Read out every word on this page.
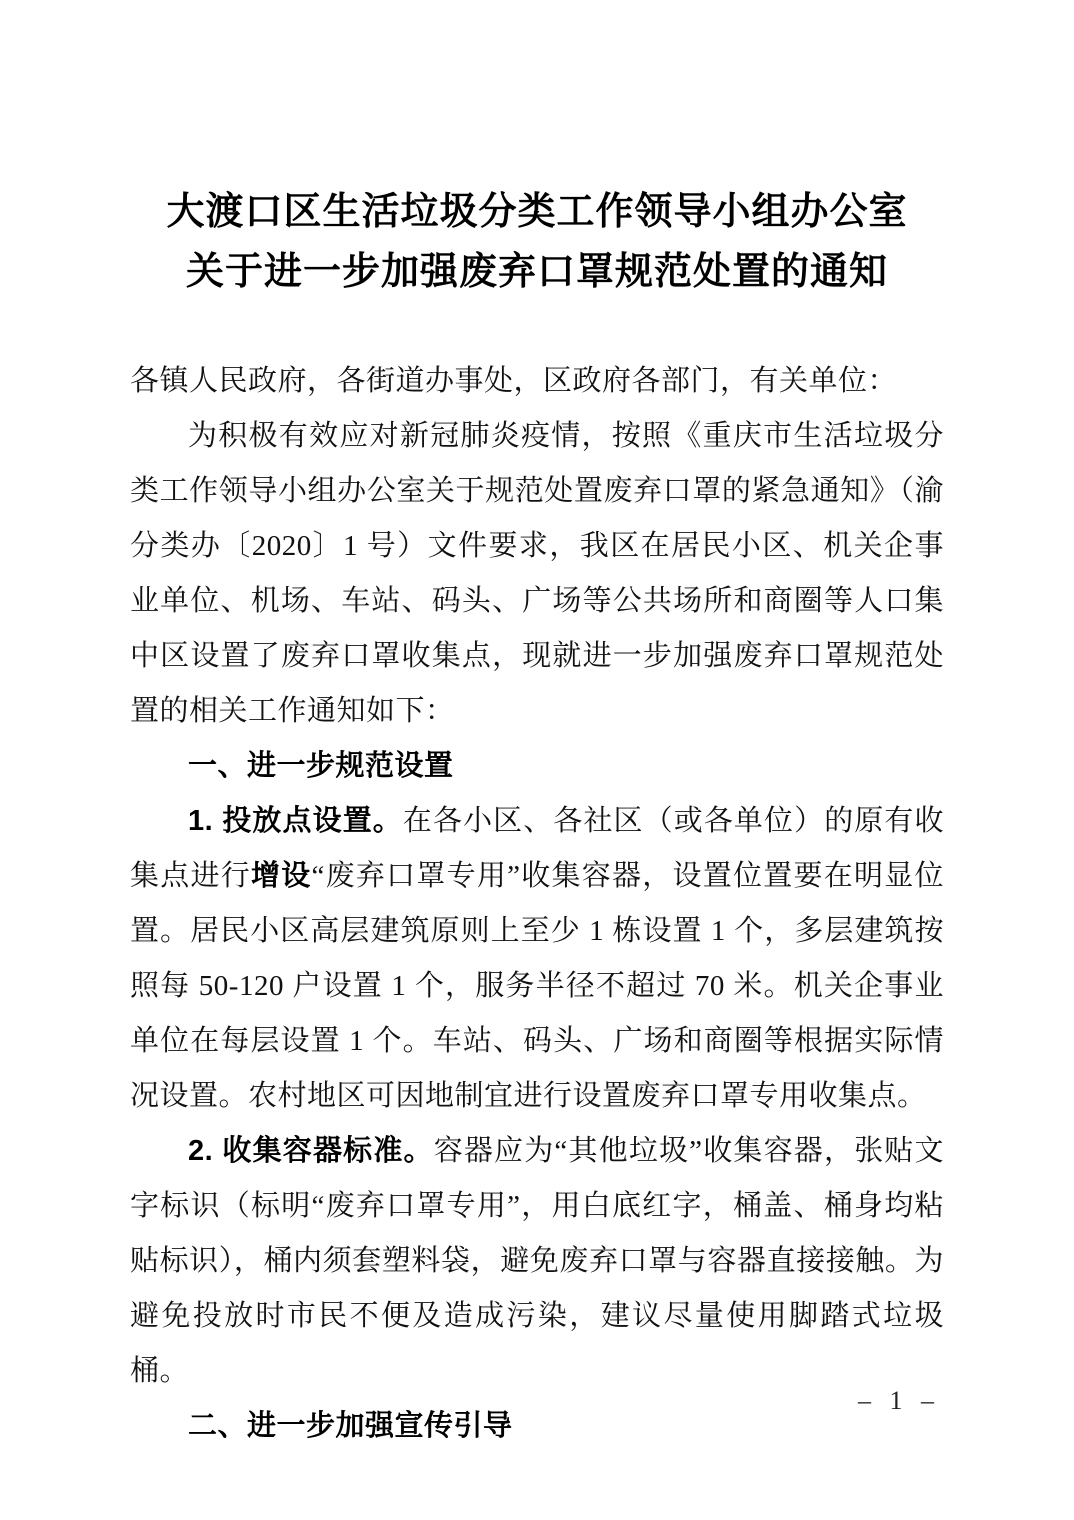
大渡口区生活垃圾分类工作领导小组办公室
关于进一步加强废弃口罩规范处置的通知

各镇人民政府，各街道办事处，区政府各部门，有关单位：

为积极有效应对新冠肺炎疫情，按照《重庆市生活垃圾分类工作领导小组办公室关于规范处置废弃口罩的紧急通知》（渝分类办〔2020〕1 号）文件要求，我区在居民小区、机关企事业单位、机场、车站、码头、广场等公共场所和商圈等人口集中区设置了废弃口罩收集点，现就进一步加强废弃口罩规范处置的相关工作通知如下：

一、进一步规范设置

1. 投放点设置。在各小区、各社区（或各单位）的原有收集点进行增设“废弃口罩专用”收集容器，设置位置要在明显位置。居民小区高层建筑原则上至少 1 栋设置 1 个，多层建筑按照每 50-120 户设置 1 个，服务半径不超过 70 米。机关企事业单位在每层设置 1 个。车站、码头、广场和商圈等根据实际情况设置。农村地区可因地制宜进行设置废弃口罩专用收集点。

2. 收集容器标准。容器应为“其他垃圾”收集容器，张贴文字标识（标明“废弃口罩专用”，用白底红字，桶盖、桶身均粘贴标识），桶内须套塑料袋，避免废弃口罩与容器直接接触。为避免投放时市民不便及造成污染，建议尽量使用脚踏式垃圾桶。

二、进一步加强宣传引导

– 1 –
